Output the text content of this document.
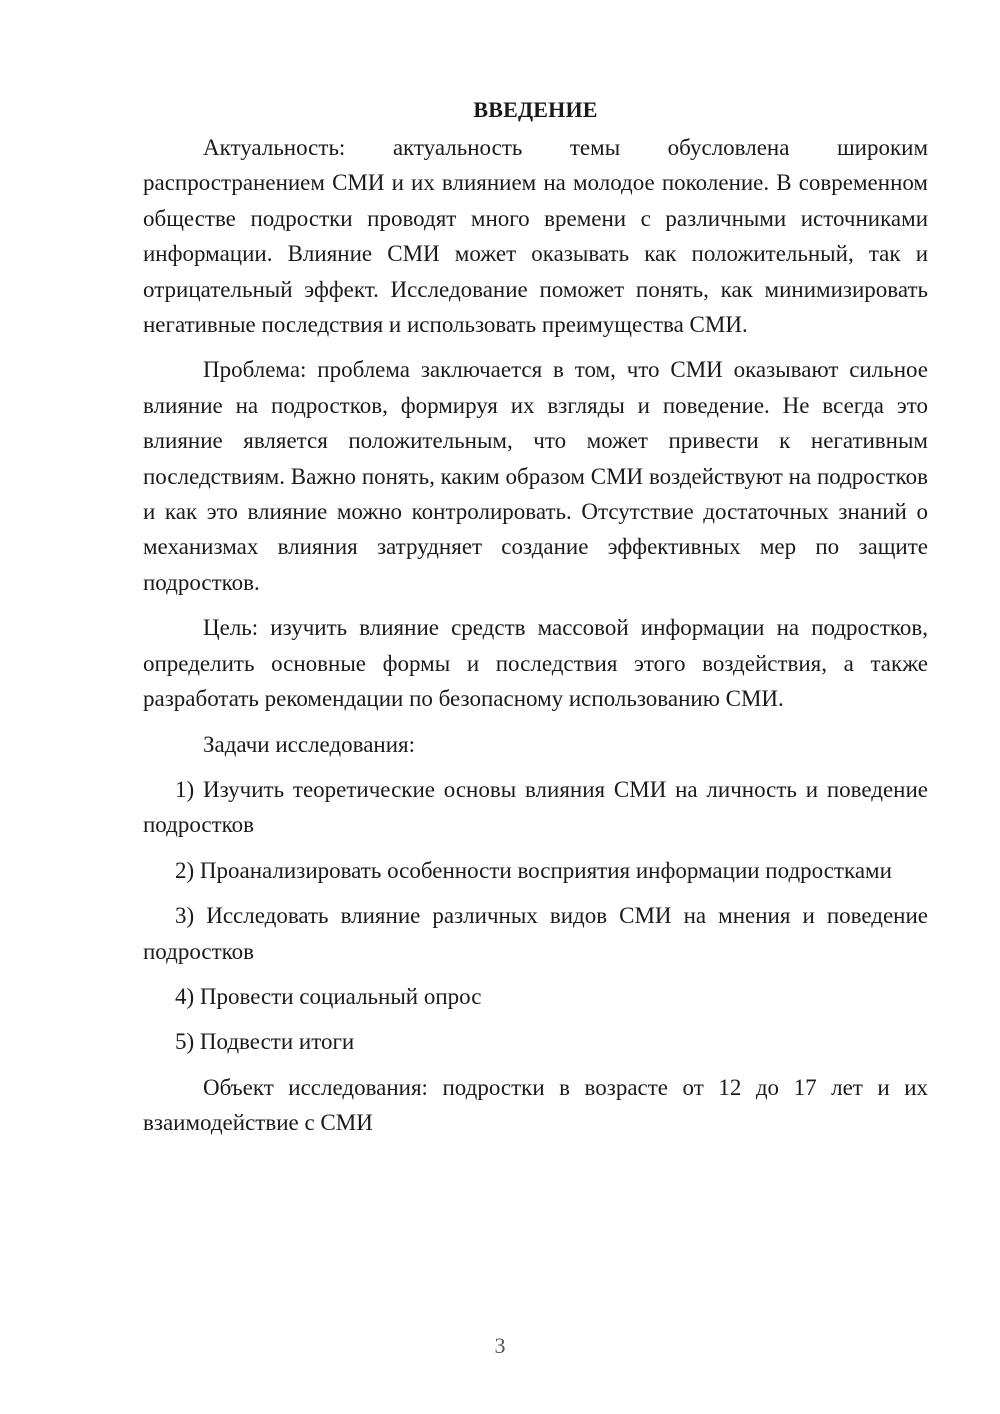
ВВЕДЕНИЕ

Актуальность: актуальность темы обусловлена широким распространением СМИ и их влиянием на молодое поколение. В современном обществе подростки проводят много времени с различными источниками информации. Влияние СМИ может оказывать как положительный, так и отрицательный эффект. Исследование поможет понять, как минимизировать негативные последствия и использовать преимущества СМИ.

Проблема: проблема заключается в том, что СМИ оказывают сильное влияние на подростков, формируя их взгляды и поведение. Не всегда это влияние является положительным, что может привести к негативным последствиям. Важно понять, каким образом СМИ воздействуют на подростков и как это влияние можно контролировать. Отсутствие достаточных знаний о механизмах влияния затрудняет создание эффективных мер по защите подростков.

Цель: изучить влияние средств массовой информации на подростков, определить основные формы и последствия этого воздействия, а также разработать рекомендации по безопасному использованию СМИ.

Задачи исследования:

1) Изучить теоретические основы влияния СМИ на личность и поведение подростков

2) Проанализировать особенности восприятия информации подростками

3) Исследовать влияние различных видов СМИ на мнения и поведение подростков

4) Провести социальный опрос

5) Подвести итоги

Объект исследования: подростки в возрасте от 12 до 17 лет и их взаимодействие с СМИ

3
